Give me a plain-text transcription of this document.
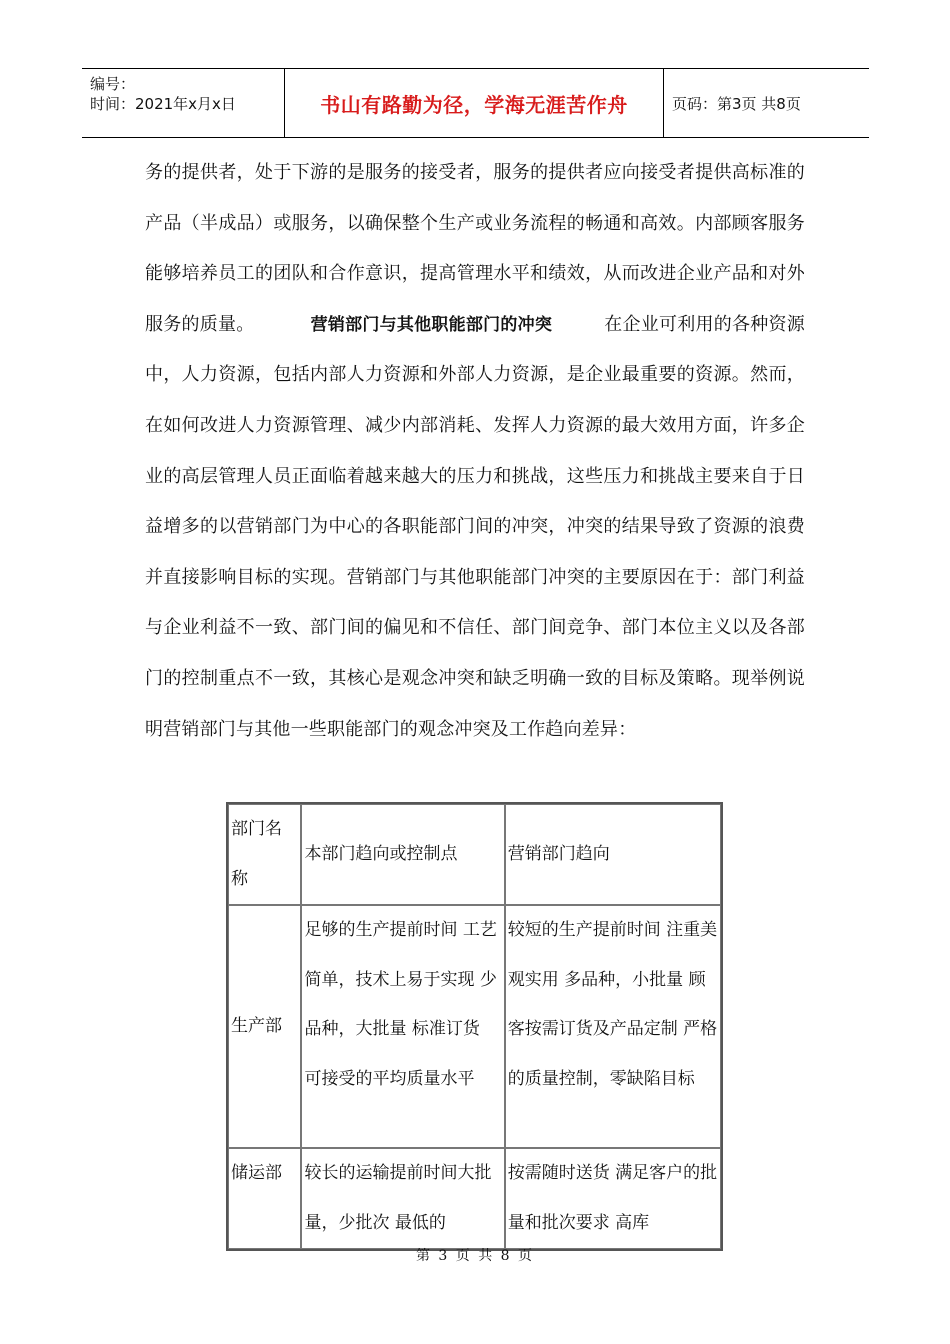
编号：
时间：2021年x月x日	书山有路勤为径，学海无涯苦作舟	页码：第3页 共8页

务的提供者，处于下游的是服务的接受者，服务的提供者应向接受者提供高标准的产品（半成品）或服务，以确保整个生产或业务流程的畅通和高效。内部顾客服务能够培养员工的团队和合作意识，提高管理水平和绩效，从而改进企业产品和对外服务的质量。	营销部门与其他职能部门的冲突	在企业可利用的各种资源中，人力资源，包括内部人力资源和外部人力资源，是企业最重要的资源。然而，在如何改进人力资源管理、减少内部消耗、发挥人力资源的最大效用方面，许多企业的高层管理人员正面临着越来越大的压力和挑战，这些压力和挑战主要来自于日益增多的以营销部门为中心的各职能部门间的冲突，冲突的结果导致了资源的浪费并直接影响目标的实现。营销部门与其他职能部门冲突的主要原因在于：部门利益与企业利益不一致、部门间的偏见和不信任、部门间竞争、部门本位主义以及各部门的控制重点不一致，其核心是观念冲突和缺乏明确一致的目标及策略。现举例说明营销部门与其他一些职能部门的观念冲突及工作趋向差异：

部门名称	本部门趋向或控制点	营销部门趋向
生产部	足够的生产提前时间 工艺简单，技术上易于实现 少品种，大批量 标准订货 可接受的平均质量水平	较短的生产提前时间 注重美观实用 多品种，小批量 顾客按需订货及产品定制 严格的质量控制，零缺陷目标
储运部	较长的运输提前时间大批量，少批次 最低的	按需随时送货 满足客户的批量和批次要求 高库
第 3 页 共 8 页
